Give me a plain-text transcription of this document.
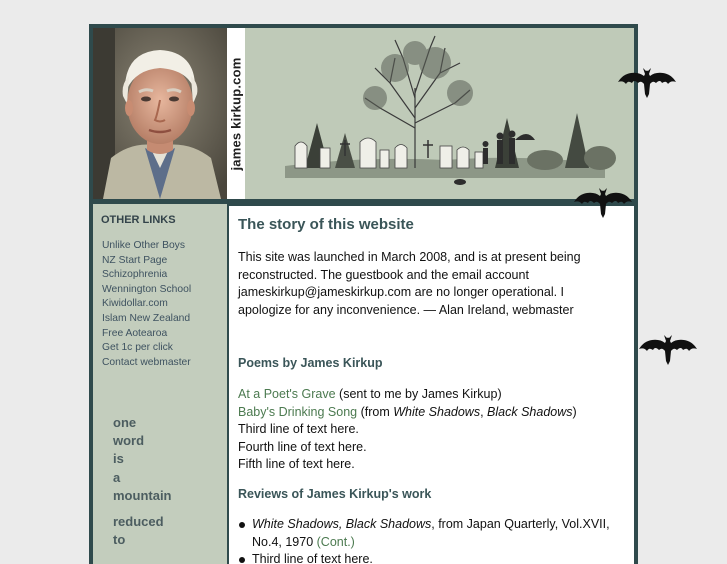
james kirkup.com
OTHER LINKS
Unlike Other Boys
NZ Start Page
Schizophrenia
Wennington School
Kiwidollar.com
Islam New Zealand
Free Aotearoa
Get 1c per click
Contact webmaster
one
word
is
a
mountain
reduced
to
The story of this website

This site was launched in March 2008, and is at present being reconstructed. The guestbook and the email account jameskirkup@jameskirkup.com are no longer operational. I apologize for any inconvenience. — Alan Ireland, webmaster

Poems by James Kirkup
At a Poet's Grave (sent to me by James Kirkup)
Baby's Drinking Song (from White Shadows, Black Shadows)
Third line of text here.
Fourth line of text here.
Fifth line of text here.
Reviews of James Kirkup's work
White Shadows, Black Shadows, from Japan Quarterly, Vol.XVII, No.4, 1970 (Cont.)
Third line of text here.
